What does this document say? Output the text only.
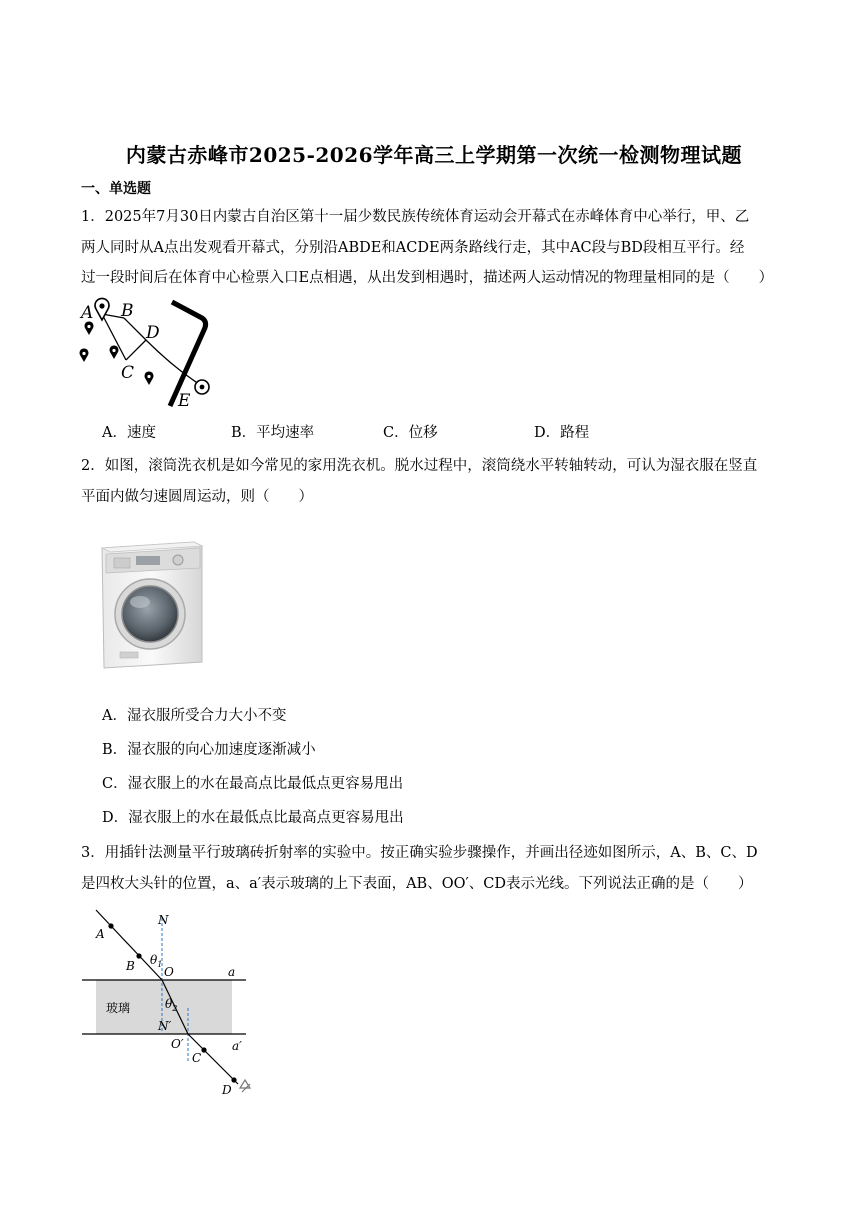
内蒙古赤峰市2025-2026学年高三上学期第一次统一检测物理试题
一、单选题
1．2025年7月30日内蒙古自治区第十一届少数民族传统体育运动会开幕式在赤峰体育中心举行，甲、乙
两人同时从A点出发观看开幕式，分别沿ABDE和ACDE两条路线行走，其中AC段与BD段相互平行。经
过一段时间后在体育中心检票入口E点相遇，从出发到相遇时，描述两人运动情况的物理量相同的是（　　）
A B
D
C
E
A．速度	B．平均速率	C．位移	D．路程
2．如图，滚筒洗衣机是如今常见的家用洗衣机。脱水过程中，滚筒绕水平转轴转动，可认为湿衣服在竖直
平面内做匀速圆周运动，则（　　）
A．湿衣服所受合力大小不变
B．湿衣服的向心加速度逐渐减小
C．湿衣服上的水在最高点比最低点更容易甩出
D．湿衣服上的水在最低点比最高点更容易甩出
3．用插针法测量平行玻璃砖折射率的实验中。按正确实验步骤操作，并画出径迹如图所示，A、B、C、D
是四枚大头针的位置，a、a′表示玻璃的上下表面，AB、OO′、CD表示光线。下列说法正确的是（　　）
N
A
B $\theta_1$
O	a
玻璃	$\theta_2$
N′
O′	a′
C
D
